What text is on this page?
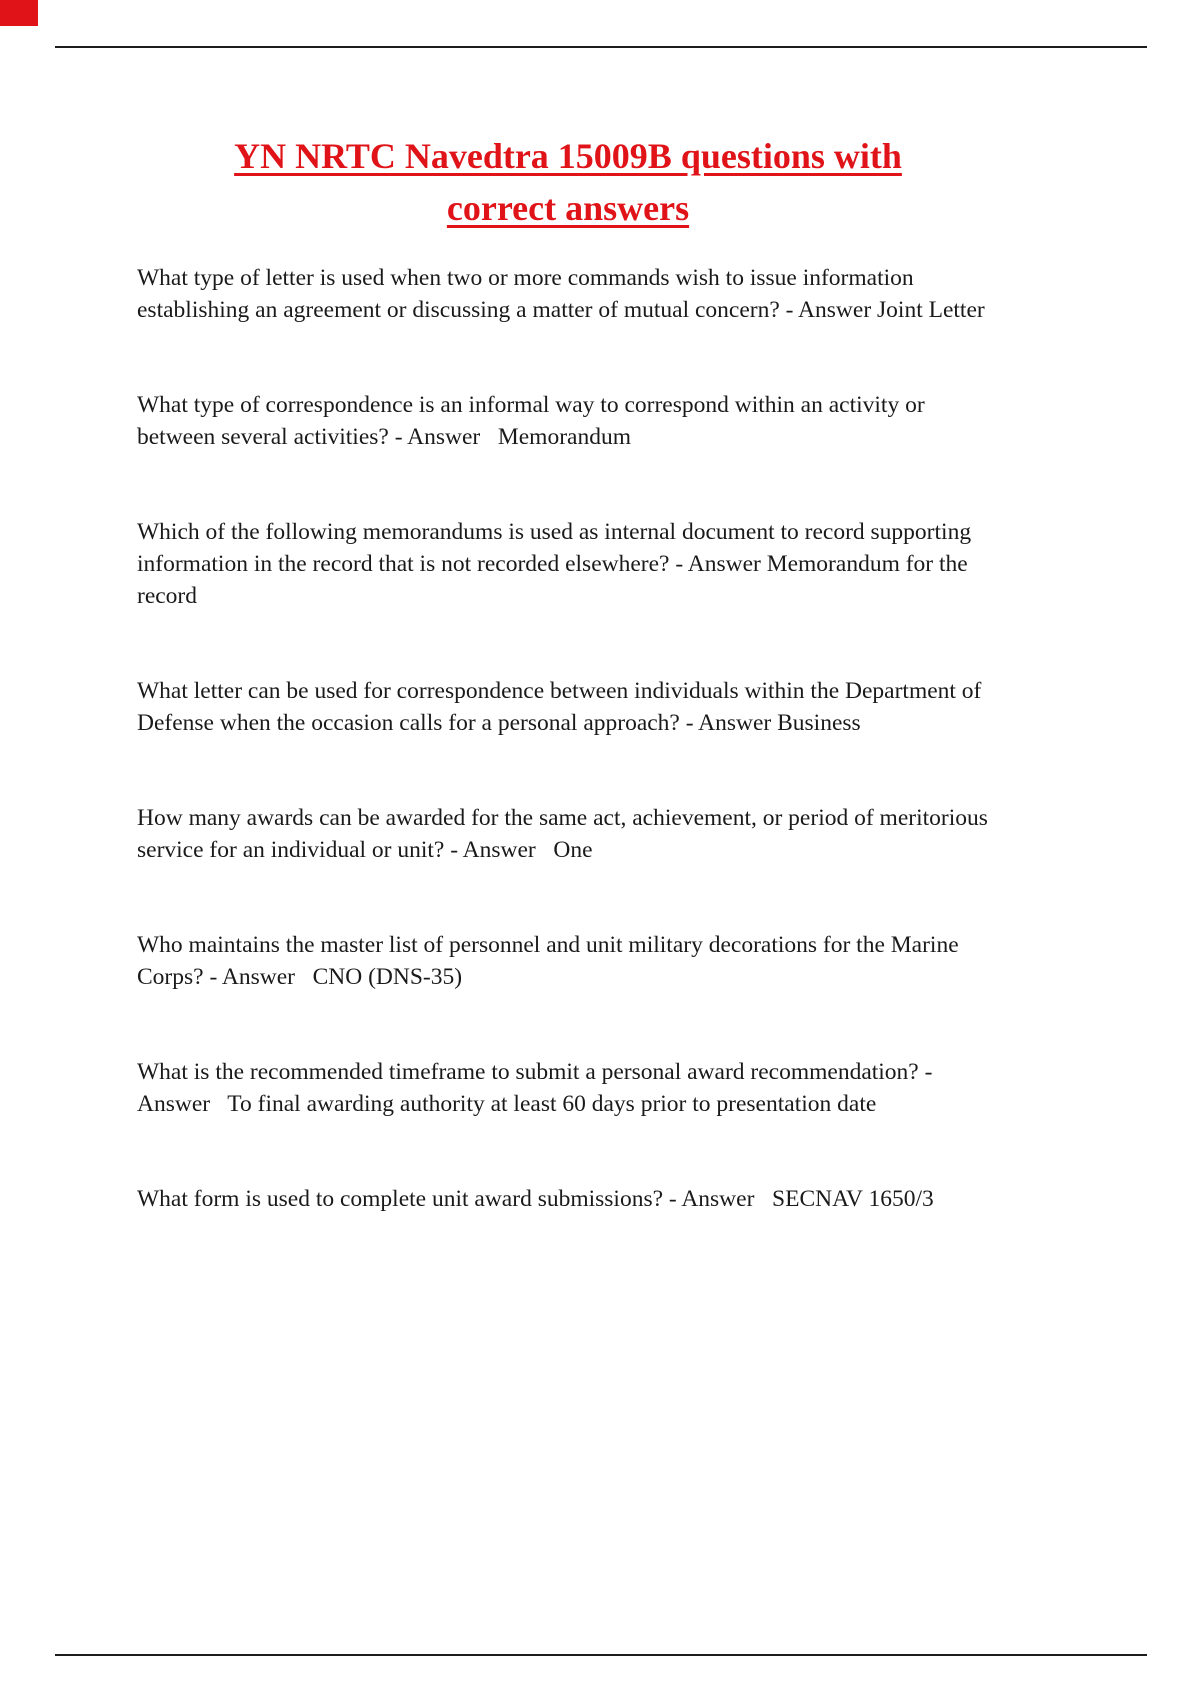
YN NRTC Navedtra 15009B questions with
correct answers

What type of letter is used when two or more commands wish to issue information establishing an agreement or discussing a matter of mutual concern? - Answer Joint Letter

What type of correspondence is an informal way to correspond within an activity or between several activities? - Answer   Memorandum

Which of the following memorandums is used as internal document to record supporting information in the record that is not recorded elsewhere? - Answer Memorandum for the record

What letter can be used for correspondence between individuals within the Department of Defense when the occasion calls for a personal approach? - Answer Business

How many awards can be awarded for the same act, achievement, or period of meritorious service for an individual or unit? - Answer   One

Who maintains the master list of personnel and unit military decorations for the Marine Corps? - Answer   CNO (DNS-35)

What is the recommended timeframe to submit a personal award recommendation? - Answer   To final awarding authority at least 60 days prior to presentation date

What form is used to complete unit award submissions? - Answer   SECNAV 1650/3
